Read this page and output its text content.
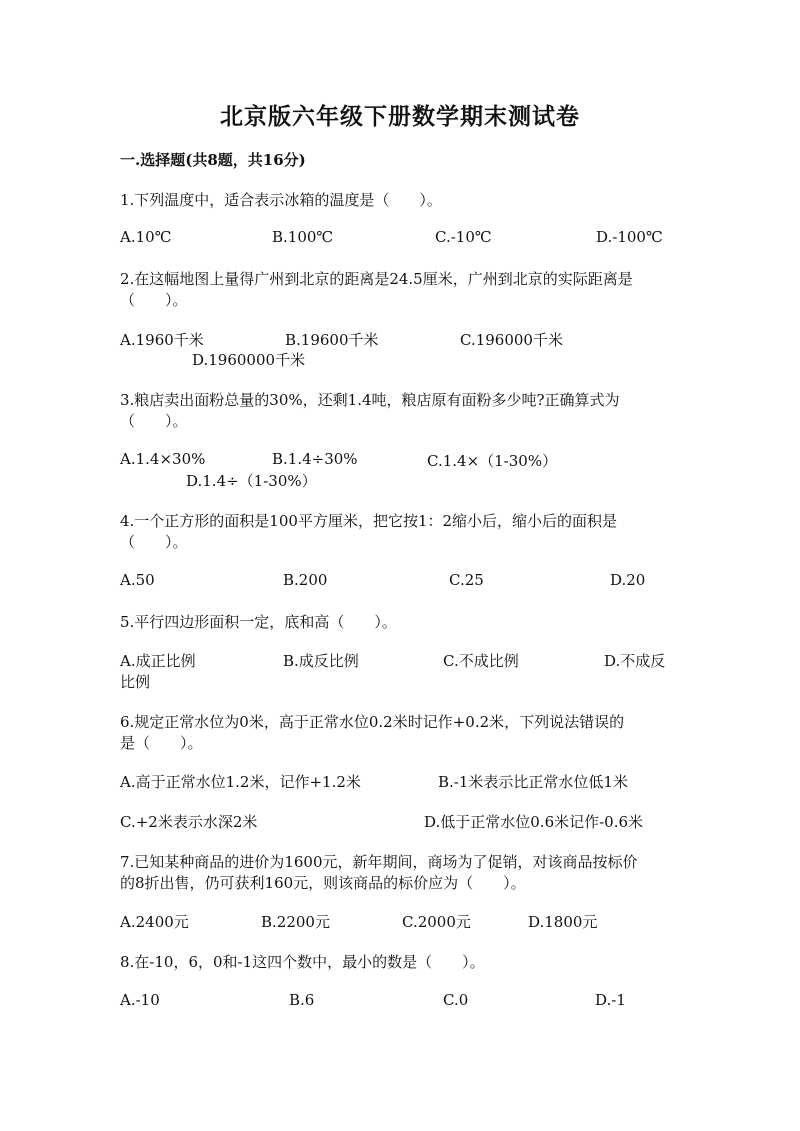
北京版六年级下册数学期末测试卷
一.选择题(共8题，共16分)
1.下列温度中，适合表示冰箱的温度是（　　）。
A.10℃	B.100℃	C.-10℃	D.-100℃
2.在这幅地图上量得广州到北京的距离是24.5厘米，广州到北京的实际距离是
（　　）。
A.1960千米	B.19600千米	C.196000千米
D.1960000千米
3.粮店卖出面粉总量的30%，还剩1.4吨，粮店原有面粉多少吨?正确算式为
（　　）。
A.1.4×30%	B.1.4÷30%	C.1.4×（1-30%）
D.1.4÷（1-30%）
4.一个正方形的面积是100平方厘米，把它按1：2缩小后，缩小后的面积是
（　　）。
A.50	B.200	C.25	D.20
5.平行四边形面积一定，底和高（　　）。
A.成正比例	B.成反比例	C.不成比例	D.不成反
比例
6.规定正常水位为0米，高于正常水位0.2米时记作+0.2米，下列说法错误的
是（　　）。
A.高于正常水位1.2米，记作+1.2米	B.-1米表示比正常水位低1米
C.+2米表示水深2米	D.低于正常水位0.6米记作-0.6米
7.已知某种商品的进价为1600元，新年期间，商场为了促销，对该商品按标价
的8折出售，仍可获利160元，则该商品的标价应为（　　）。
A.2400元	B.2200元	C.2000元	D.1800元
8.在-10，6，0和-1这四个数中，最小的数是（　　）。
A.-10	B.6	C.0	D.-1
